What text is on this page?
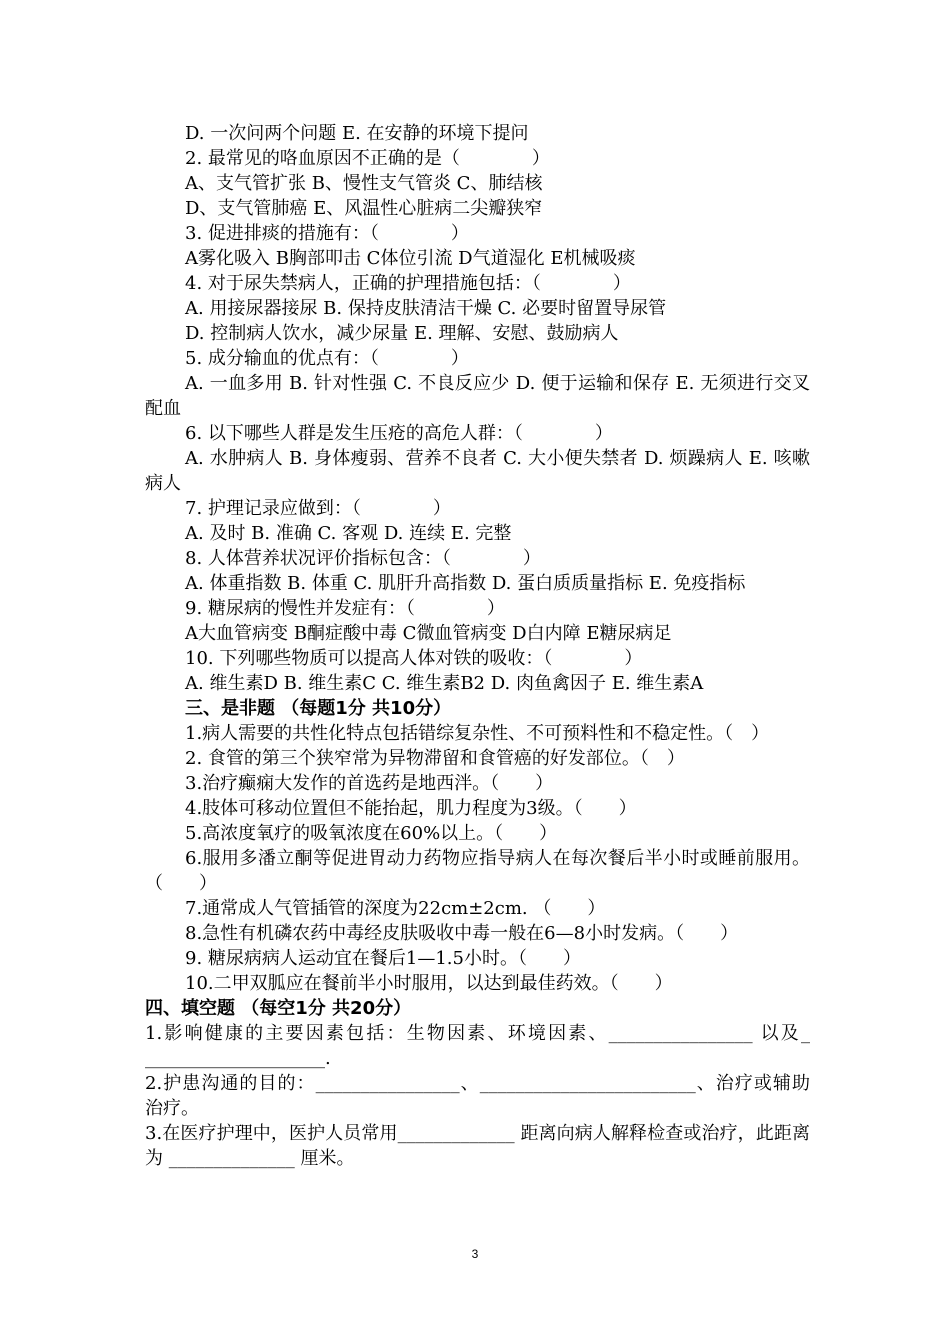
D. 一次问两个问题 E. 在安静的环境下提问
2. 最常见的咯血原因不正确的是（　　　　）
A、支气管扩张 B、慢性支气管炎 C、肺结核
D、支气管肺癌 E、风温性心脏病二尖瓣狭窄
3. 促进排痰的措施有：（　　　　）
A雾化吸入 B胸部叩击 C体位引流 D气道湿化 E机械吸痰
4. 对于尿失禁病人，正确的护理措施包括：（　　　　）
A. 用接尿器接尿 B. 保持皮肤清洁干燥 C. 必要时留置导尿管
D. 控制病人饮水，减少尿量 E. 理解、安慰、鼓励病人
5. 成分输血的优点有：（　　　　）
A. 一血多用 B. 针对性强 C. 不良反应少 D. 便于运输和保存 E. 无须进行交叉配血
6. 以下哪些人群是发生压疮的高危人群：（　　　　）
A. 水肿病人 B. 身体瘦弱、营养不良者 C. 大小便失禁者 D. 烦躁病人 E. 咳嗽病人
7. 护理记录应做到：（　　　　）
A. 及时 B. 准确 C. 客观 D. 连续 E. 完整
8. 人体营养状况评价指标包含：（　　　　）
A. 体重指数 B. 体重 C. 肌肝升高指数 D. 蛋白质质量指标 E. 免疫指标
9. 糖尿病的慢性并发症有：（　　　　）
A大血管病变 B酮症酸中毒 C微血管病变 D白内障 E糖尿病足
10. 下列哪些物质可以提高人体对铁的吸收：（　　　　）
A. 维生素D B. 维生素C C. 维生素B2 D. 肉鱼禽因子 E. 维生素A
三、是非题 （每题1分 共10分）
1.病人需要的共性化特点包括错综复杂性、不可预料性和不稳定性。（　）
2. 食管的第三个狭窄常为异物滞留和食管癌的好发部位。（　）
3.治疗癫痫大发作的首选药是地西泮。（　　）
4.肢体可移动位置但不能抬起，肌力程度为3级。（　　）
5.高浓度氧疗的吸氧浓度在60%以上。（　　）
6.服用多潘立酮等促进胃动力药物应指导病人在每次餐后半小时或睡前服用。（　　）
7.通常成人气管插管的深度为22cm±2cm. （　　）
8.急性有机磷农药中毒经皮肤吸收中毒一般在6—8小时发病。（　　）
9. 糖尿病病人运动宜在餐后1—1.5小时。（　　）
10.二甲双胍应在餐前半小时服用，以达到最佳药效。（　　）
四、填空题 （每空1分 共20分）
1.影响健康的主要因素包括：生物因素、环境因素、________________ 以及_ ____________________.
2.护患沟通的目的：________________、________________________、治疗或辅助治疗。
3.在医疗护理中，医护人员常用_____________ 距离向病人解释检查或治疗，此距离为 ______________ 厘米。
3
